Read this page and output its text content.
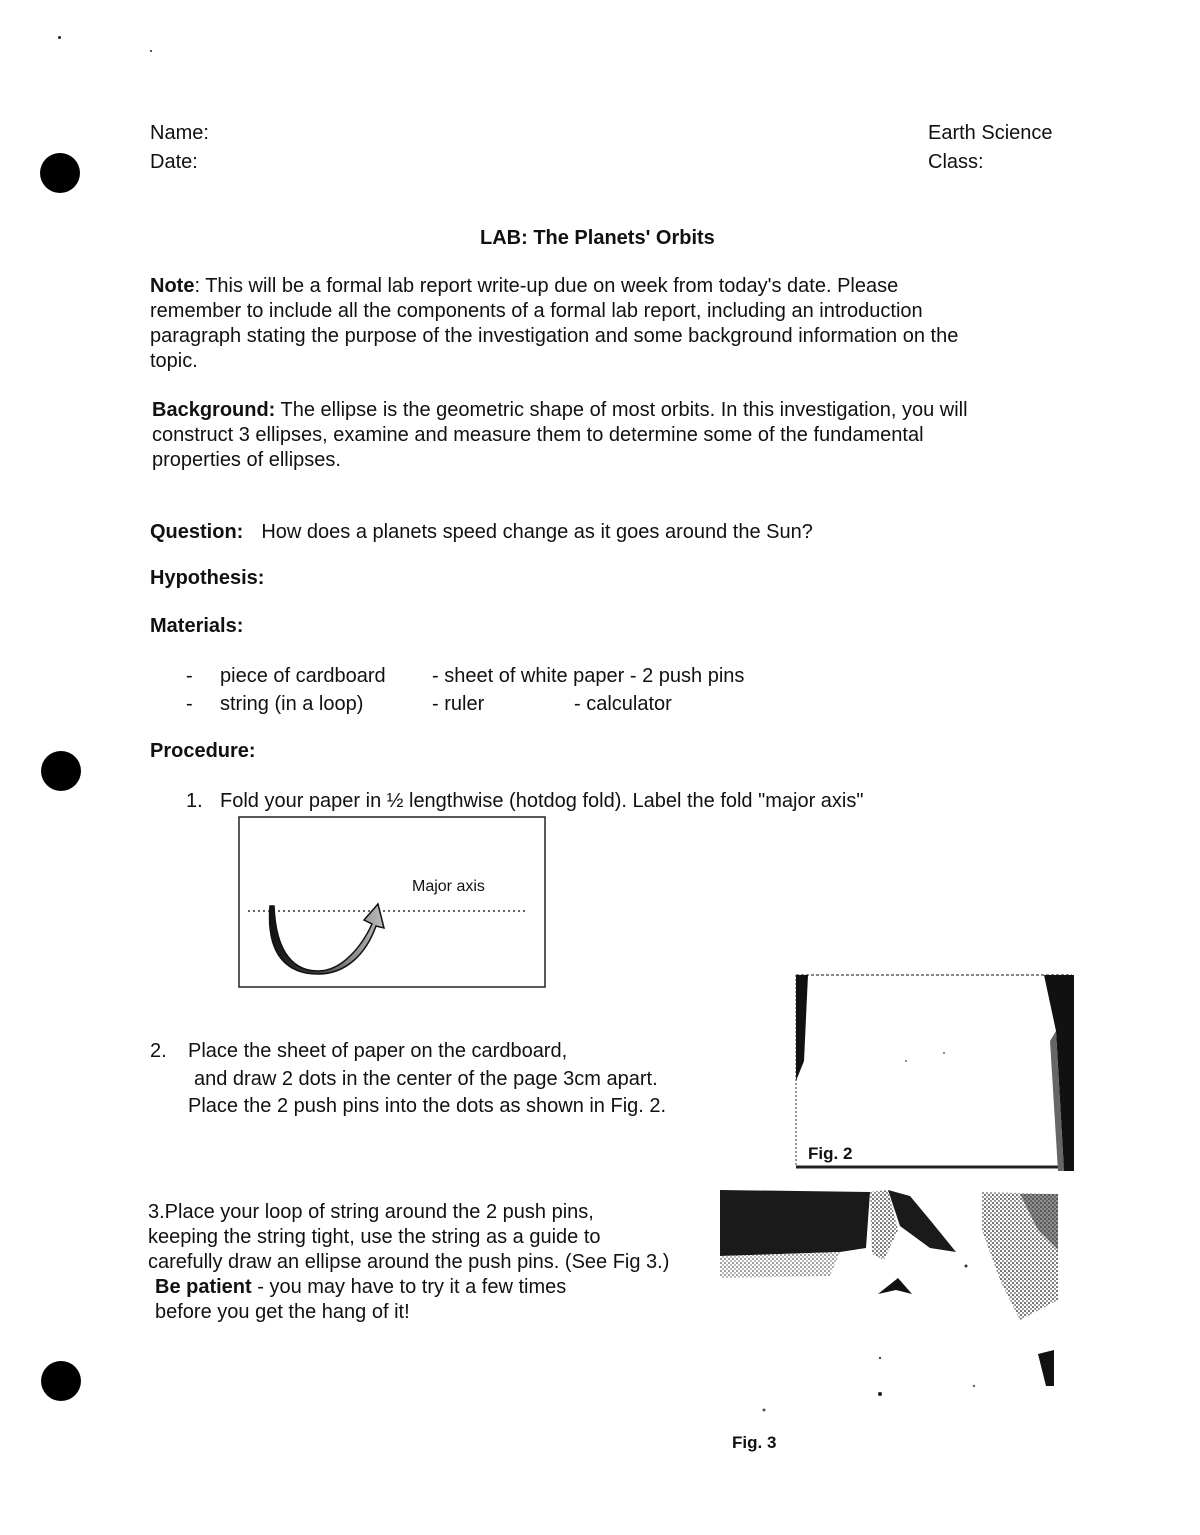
Name:
Date:
Earth Science
Class:
LAB: The Planets' Orbits
Note: This will be a formal lab report write-up due on week from today's date. Please
remember to include all the components of a formal lab report, including an introduction
paragraph stating the purpose of the investigation and some background information on the
topic.
Background: The ellipse is the geometric shape of most orbits. In this investigation, you will
construct 3 ellipses, examine and measure them to determine some of the fundamental
properties of ellipses.
Question: How does a planets speed change as it goes around the Sun?
Hypothesis:
Materials:
- piece of cardboard - sheet of white paper - 2 push pins
- string (in a loop)	- ruler	- calculator
Procedure:
1. Fold your paper in ½ lengthwise (hotdog fold). Label the fold "major axis"
Major axis
2. Place the sheet of paper on the cardboard,
and draw 2 dots in the center of the page 3cm apart.
Place the 2 push pins into the dots as shown in Fig. 2.
Fig. 2
3.Place your loop of string around the 2 push pins,
keeping the string tight, use the string as a guide to
carefully draw an ellipse around the push pins. (See Fig 3.)
Be patient - you may have to try it a few times
before you get the hang of it!
Fig. 3
